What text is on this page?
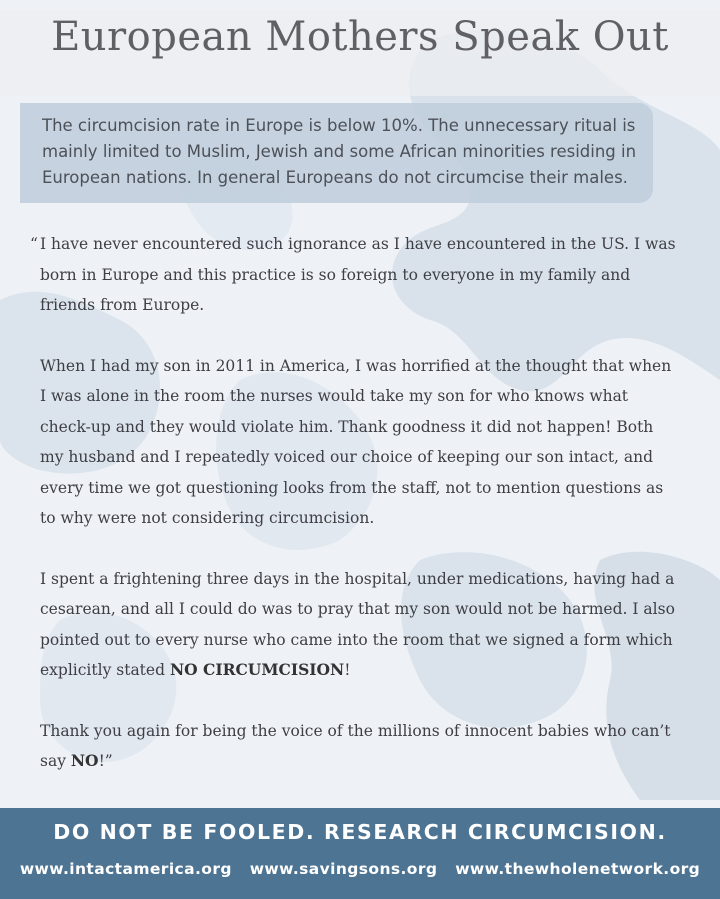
European Mothers Speak Out

The circumcision rate in Europe is below 10%. The unnecessary ritual is mainly limited to Muslim, Jewish and some African minorities residing in European nations. In general Europeans do not circumcise their males.

“ I have never encountered such ignorance as I have encountered in the US. I was born in Europe and this practice is so foreign to everyone in my family and friends from Europe.

When I had my son in 2011 in America, I was horrified at the thought that when I was alone in the room the nurses would take my son for who knows what check-up and they would violate him. Thank goodness it did not happen! Both my husband and I repeatedly voiced our choice of keeping our son intact, and every time we got questioning looks from the staff, not to mention questions as to why were not considering circumcision.

I spent a frightening three days in the hospital, under medications, having had a cesarean, and all I could do was to pray that my son would not be harmed. I also pointed out to every nurse who came into the room that we signed a form which explicitly stated NO CIRCUMCISION!

Thank you again for being the voice of the millions of innocent babies who can’t say NO!”

DO NOT BE FOOLED. RESEARCH CIRCUMCISION.
www.intactamerica.org www.savingsons.org www.thewholenetwork.org
